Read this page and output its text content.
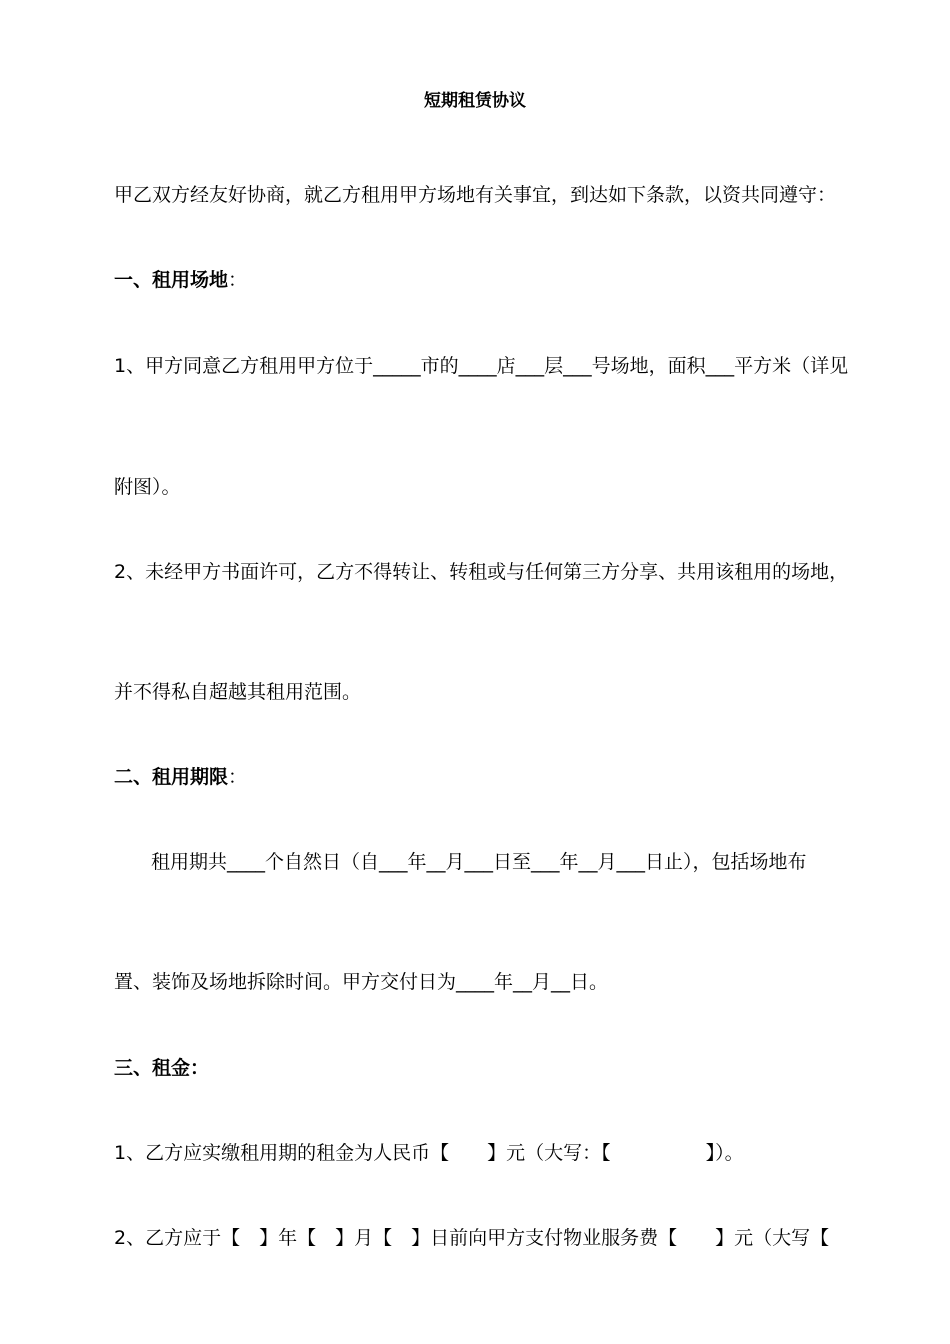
短期租赁协议
甲乙双方经友好协商，就乙方租用甲方场地有关事宜，到达如下条款，以资共同遵守：
一、租用场地：
1、甲方同意乙方租用甲方位于_____市的____店___层___号场地，面积___平方米（详见
附图）。
2、未经甲方书面许可，乙方不得转让、转租或与任何第三方分享、共用该租用的场地，
并不得私自超越其租用范围。
二、租用期限：
租用期共____个自然日（自___年__月___日至___年__月___日止），包括场地布
置、装饰及场地拆除时间。甲方交付日为____年__月__日。
三、租金：
1、乙方应实缴租用期的租金为人民币【　　】元（大写：【　　　　　】）。
2、乙方应于【　】年【　】月【　】日前向甲方支付物业服务费【　　】元（大写【
